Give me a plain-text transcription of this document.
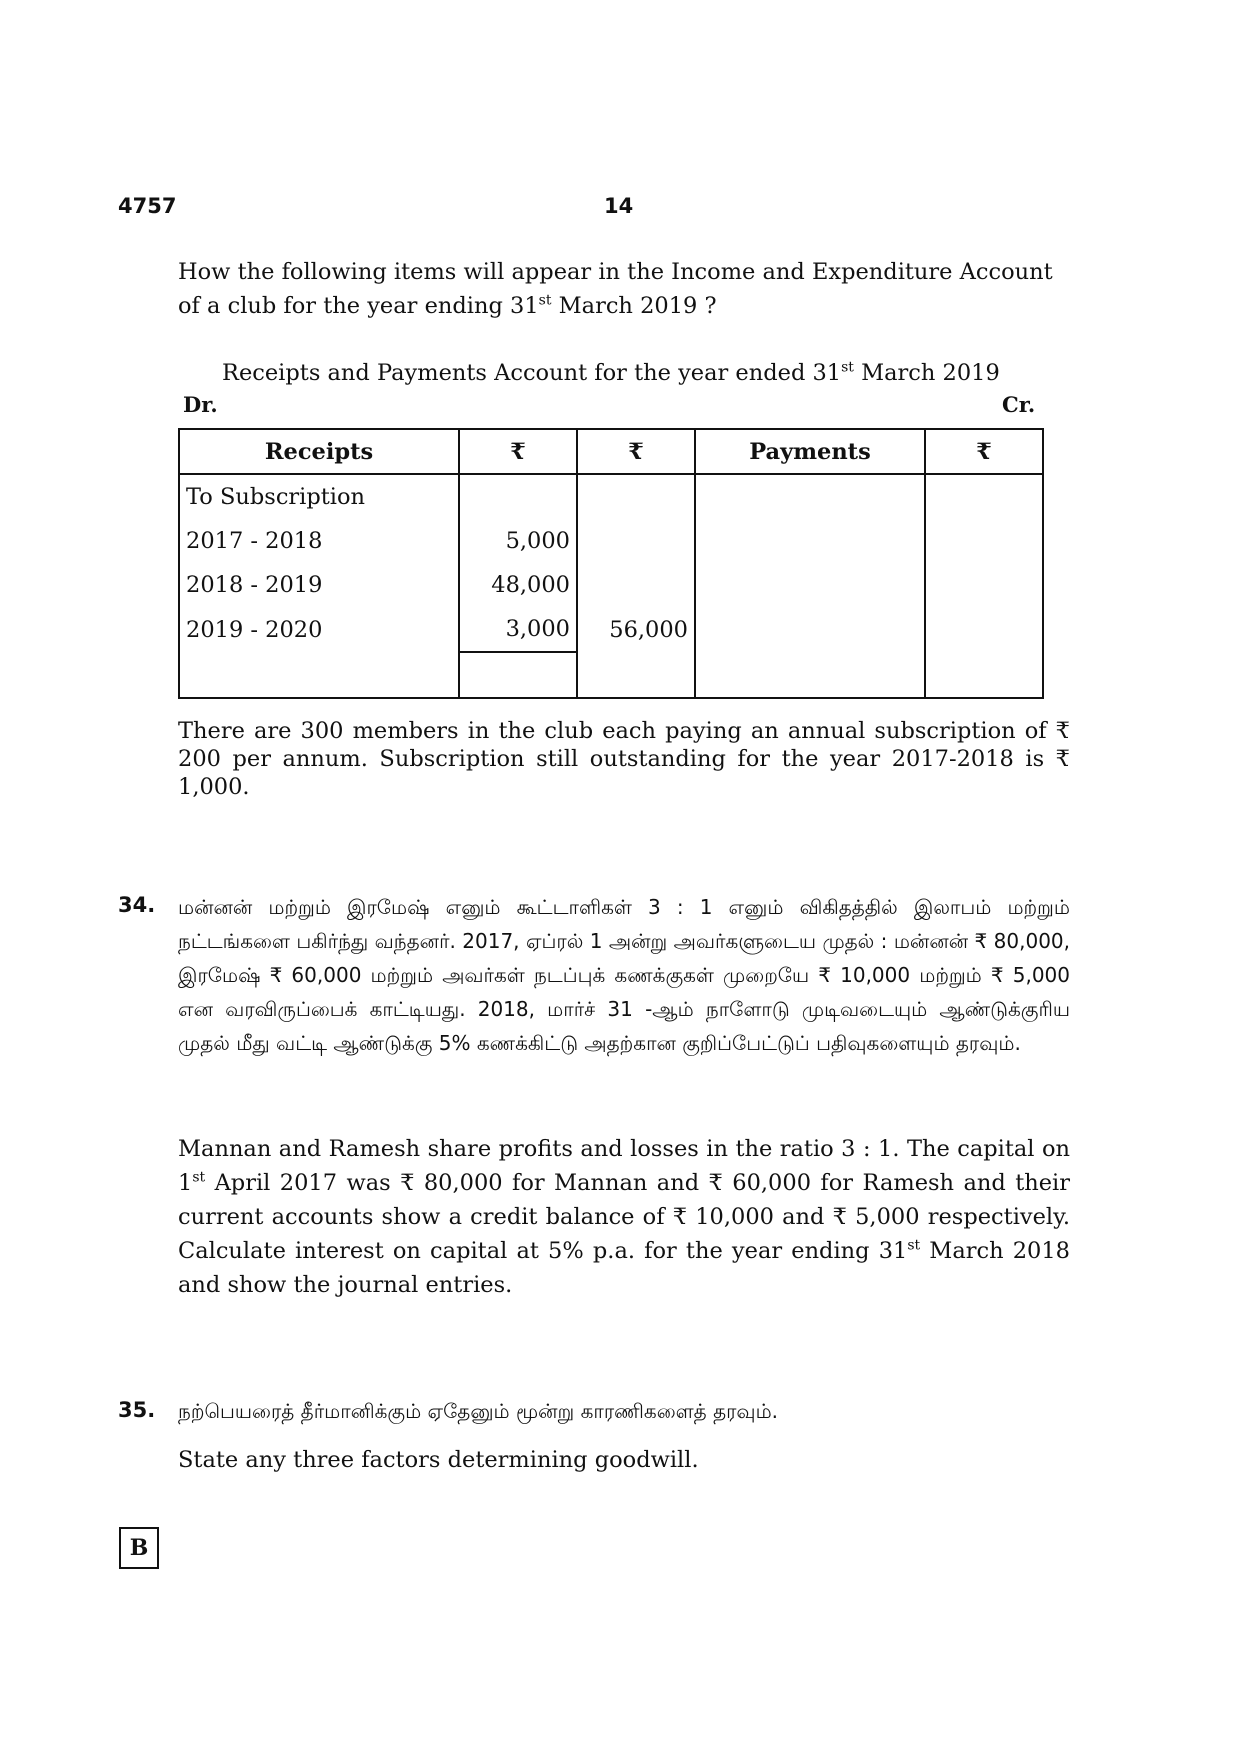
4757	14
How the following items will appear in the Income and Expenditure Account
of a club for the year ending 31st March 2019 ?
Receipts and Payments Account for the year ended 31st March 2019
Dr.	Cr.
Receipts	₹	₹	Payments	₹
To Subscription				
2017 - 2018	5,000			
2018 - 2019	48,000			
2019 - 2020	3,000	56,000		

There are 300 members in the club each paying an annual subscription of ₹ 200 per annum. Subscription still outstanding for the year 2017-2018 is ₹ 1,000.
34. மன்னன் மற்றும் இரமேஷ் எனும் கூட்டாளிகள் 3 : 1 எனும் விகிதத்தில் இலாபம் மற்றும் நட்டங்களை பகிர்ந்து வந்தனர். 2017, ஏப்ரல் 1 அன்று அவர்களுடைய முதல் : மன்னன் ₹ 80,000, இரமேஷ் ₹ 60,000 மற்றும் அவர்கள் நடப்புக் கணக்குகள் முறையே ₹ 10,000 மற்றும் ₹ 5,000 என வரவிருப்பைக் காட்டியது. 2018, மார்ச் 31 -ஆம் நாளோடு முடிவடையும் ஆண்டுக்குரிய முதல் மீது வட்டி ஆண்டுக்கு 5% கணக்கிட்டு அதற்கான குறிப்பேட்டுப் பதிவுகளையும் தரவும்.
Mannan and Ramesh share profits and losses in the ratio 3 : 1. The capital on 1st April 2017 was ₹ 80,000 for Mannan and ₹ 60,000 for Ramesh and their current accounts show a credit balance of ₹ 10,000 and ₹ 5,000 respectively. Calculate interest on capital at 5% p.a. for the year ending 31st March 2018 and show the journal entries.
35. நற்பெயரைத் தீர்மானிக்கும் ஏதேனும் மூன்று காரணிகளைத் தரவும்.
State any three factors determining goodwill.
B
